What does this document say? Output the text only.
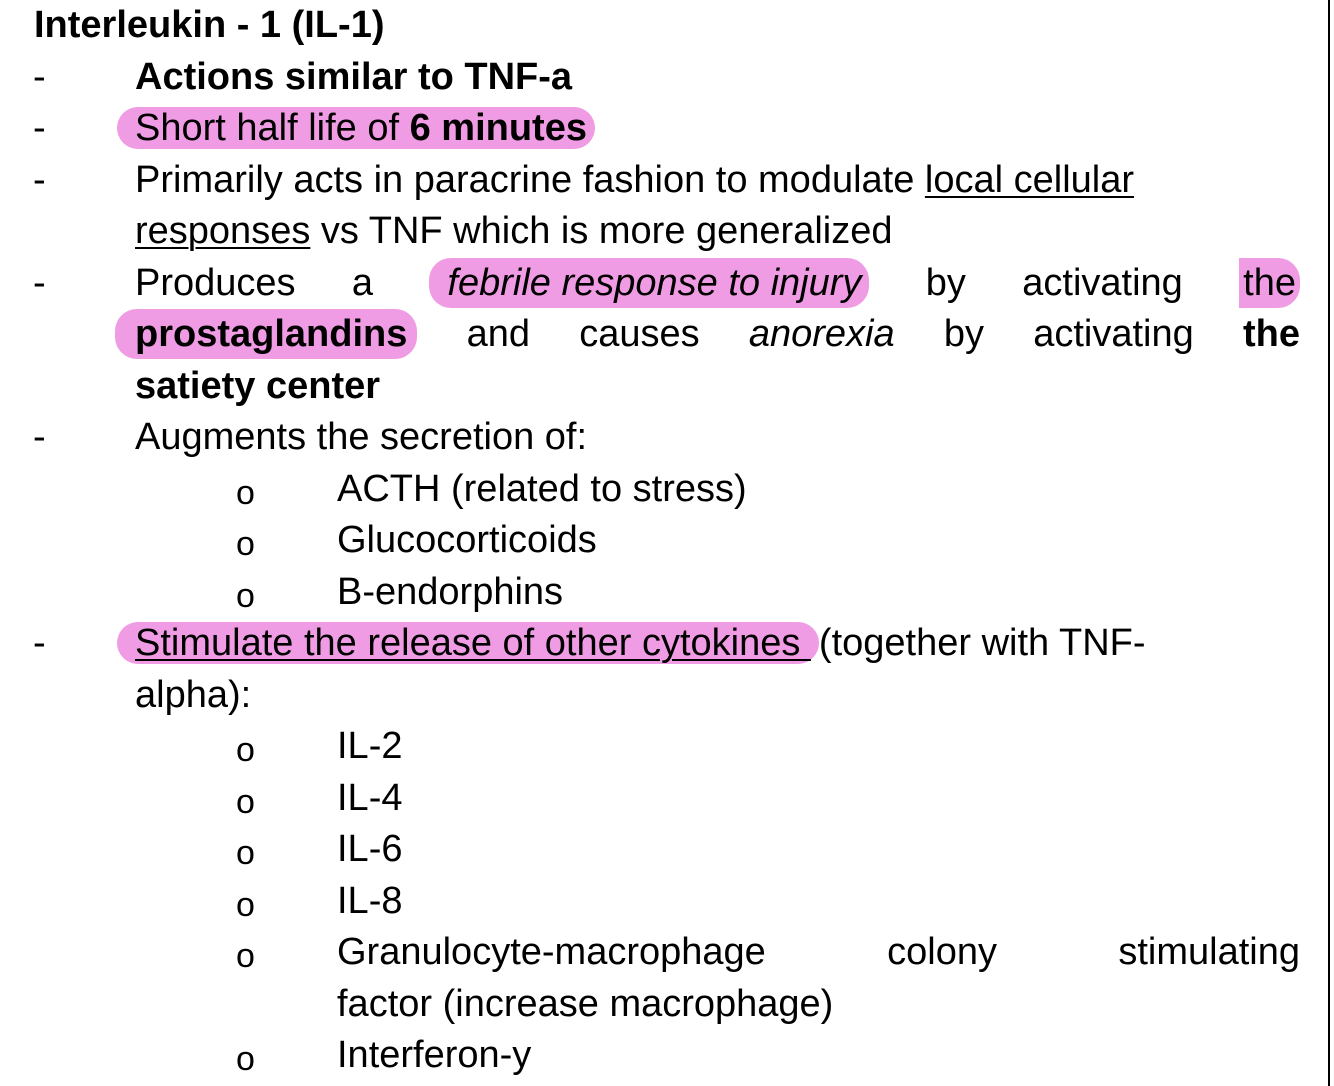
Interleukin - 1 (IL-1)
- Actions similar to TNF-a
- Short half life of 6 minutes
- Primarily acts in paracrine fashion to modulate local cellular
responses vs TNF which is more generalized
- Produces a	febrile response to injury by activating the
prostaglandins and causes anorexia by activating the
satiety center
- Augments the secretion of:
o ACTH (related to stress)
o Glucocorticoids
o B-endorphins
- Stimulate the release of other cytokines (together with TNF-
alpha):
o IL-2
o IL-4
o IL-6
o IL-8
o Granulocyte-macrophage	colony	stimulating
factor (increase macrophage)
o Interferon-y
